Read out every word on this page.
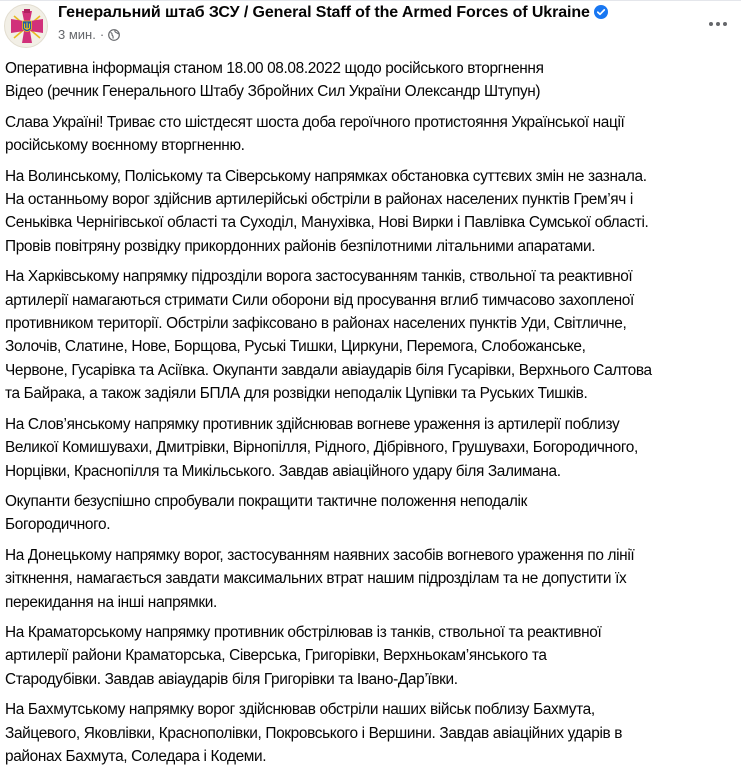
Генеральний штаб ЗСУ / General Staff of the Armed Forces of Ukraine
3 мин. ·

Оперативна інформація станом 18.00 08.08.2022 щодо російського вторгнення
Відео (речник Генерального Штабу Збройних Сил України Олександр Штупун)

Слава Україні! Триває сто шістдесят шоста доба героїчного протистояння Української нації
російському воєнному вторгненню.

На Волинському, Поліському та Сіверському напрямках обстановка суттєвих змін не зазнала.
На останньому ворог здійснив артилерійські обстріли в районах населених пунктів Грем’яч і
Сеньківка Чернігівської області та Суходіл, Манухівка, Нові Вирки і Павлівка Сумської області.
Провів повітряну розвідку прикордонних районів безпілотними літальними апаратами.

На Харківському напрямку підрозділи ворога застосуванням танків, ствольної та реактивної
артилерії намагаються стримати Сили оборони від просування вглиб тимчасово захопленої
противником території. Обстріли зафіксовано в районах населених пунктів Уди, Світличне,
Золочів, Слатине, Нове, Борщова, Руські Тишки, Циркуни, Перемога, Слобожанське,
Червоне, Гусарівка та Асіївка. Окупанти завдали авіаударів біля Гусарівки, Верхнього Салтова
та Байрака, а також задіяли БПЛА для розвідки неподалік Цупівки та Руських Тишків.

На Слов’янському напрямку противник здійснював вогневе ураження із артилерії поблизу
Великої Комишувахи, Дмитрівки, Вірнопілля, Рідного, Дібрівного, Грушувахи, Богородичного,
Норцівки, Краснопілля та Микільського. Завдав авіаційного удару біля Залимана.

Окупанти безуспішно спробували покращити тактичне положення неподалік
Богородичного.

На Донецькому напрямку ворог, застосуванням наявних засобів вогневого ураження по лінії
зіткнення, намагається завдати максимальних втрат нашим підрозділам та не допустити їх
перекидання на інші напрямки.

На Краматорському напрямку противник обстрілював із танків, ствольної та реактивної
артилерії райони Краматорська, Сіверська, Григорівки, Верхньокам’янського та
Стародубівки. Завдав авіаударів біля Григорівки та Івано-Дар’ївки.

На Бахмутському напрямку ворог здійснював обстріли наших військ поблизу Бахмута,
Зайцевого, Яковлівки, Краснополівки, Покровського і Вершини. Завдав авіаційних ударів в
районах Бахмута, Соледара і Кодеми.
